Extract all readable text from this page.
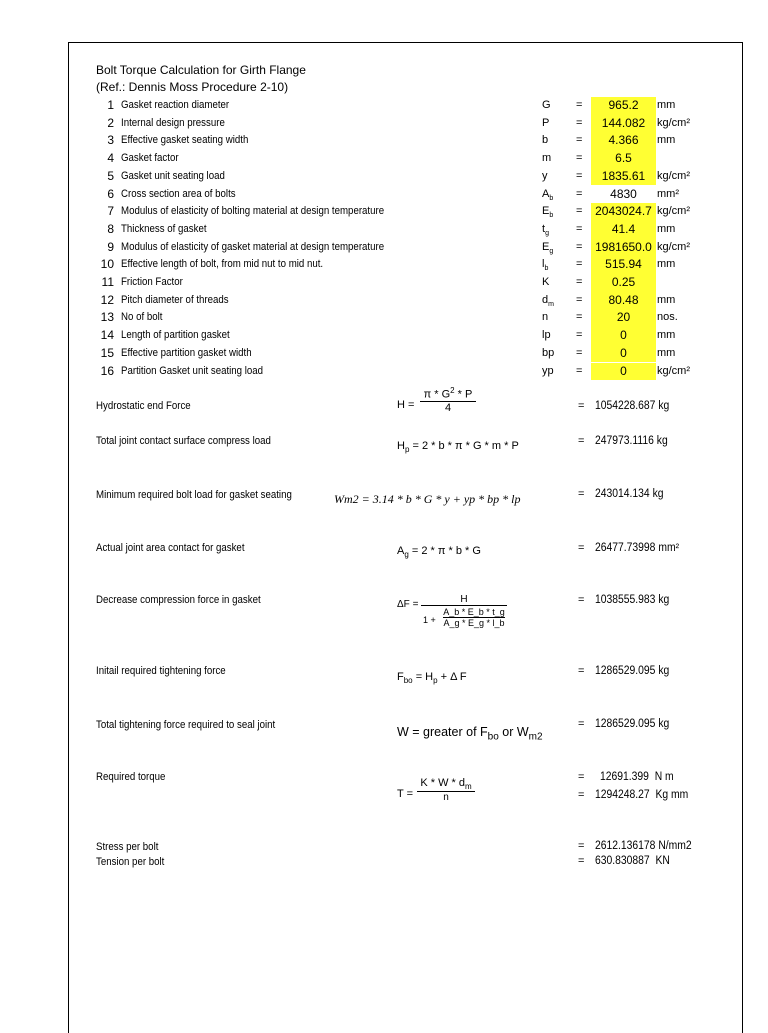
Bolt Torque Calculation for Girth Flange
(Ref.: Dennis Moss Procedure 2-10)
1 Gasket reaction diameter	G =	965.2	mm
2 Internal design pressure	P =	144.082	kg/cm²
3 Effective gasket seating width	b	=	4.366	mm
4 Gasket factor	m =	6.5
5 Gasket unit seating load	y	=	1835.61	kg/cm²
6 Cross section area of bolts	$A_b$ =	4830	mm²
7 Modulus of elasticity of bolting material at design temperature	$E_b$ =	2043024.7 kg/cm²
8 Thickness of gasket	$t_g$ =	41.4	mm
9 Modulus of elasticity of gasket material at design temperature	$E_g$ =	1981650.0 kg/cm²
10 Effective length of bolt, from mid nut to mid nut.	$l_b$	=	515.94	mm
11 Friction Factor	K =	0.25
12 Pitch diameter of threads	$d_m$ =	80.48	mm
13 No of bolt	n	=	20	nos.
14 Length of partition gasket	lp =	0	mm
15 Effective partition gasket width	bp =	0	mm
16 Partition Gasket unit seating load	yp =	0	kg/cm²
Hydrostatic end Force	H =
π * $G^2$ * P
4	= 1054228.687 kg
Total joint contact surface compress load	$H_p = 2 * b * \pi * G * m * P$	= 247973.1116 kg
Minimum required bolt load for gasket seating	Wm2 = 3.14 * b * G * y + yp * bp * lp	= 243014.134 kg
Actual joint area contact for gasket	$A_g = 2 * \pi * b * G$	= 26477.73998 mm²
Decrease compression force in gasket	ΔF =	H
1 +
A_b * E_b * t_g
A_g * E_g * l_b
= 1038555.983 kg
Initail required tightening force	$F_{bo} = H_p + \Delta$ F	= 1286529.095 kg
Total tightening force required to seal joint	W = greater of $F_{bo}$ or $W_{m2}$
= 1286529.095 kg
Required torque
T =
K * W * $d_m$
n
= 12691.399 N m
= 1294248.27 Kg mm
Stress per bolt	= 2612.136178 N/mm2
Tension per bolt	= 630.830887 KN
